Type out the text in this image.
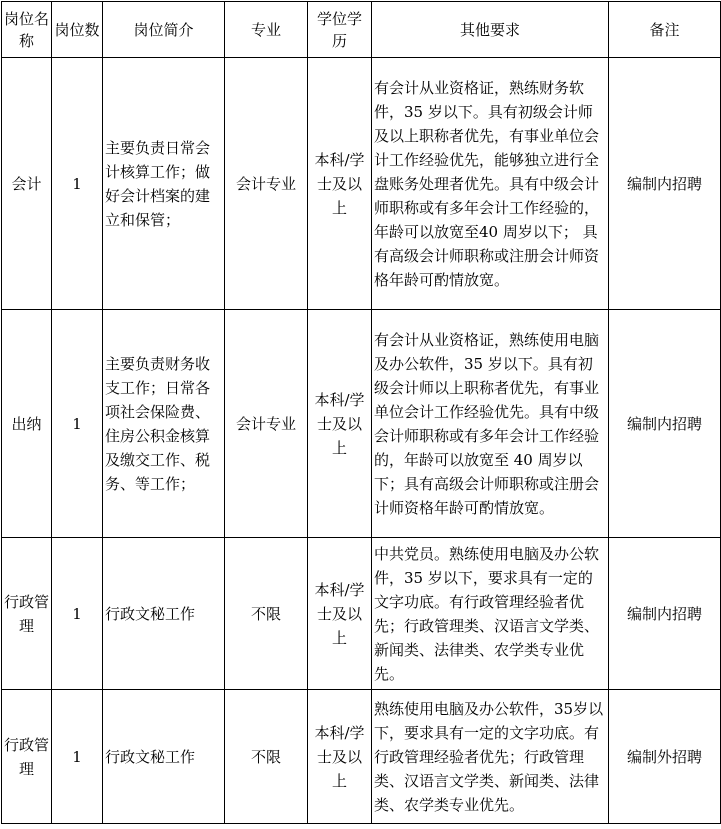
岗位名称	岗位数	岗位简介	专业	学位学历	其他要求	备注
会计	1	主要负责日常会计核算工作；做好会计档案的建立和保管；	会计专业	本科/学士及以上	有会计从业资格证，熟练财务软件，35 岁以下。具有初级会计师及以上职称者优先，有事业单位会计工作经验优先，能够独立进行全盘账务处理者优先。具有中级会计师职称或有多年会计工作经验的，年龄可以放宽至40 周岁以下； 具有高级会计师职称或注册会计师资格年龄可酌情放宽。	编制内招聘
出纳	1	主要负责财务收支工作；日常各项社会保险费、住房公积金核算及缴交工作、税务、等工作；	会计专业	本科/学士及以上	有会计从业资格证，熟练使用电脑及办公软件，35 岁以下。具有初级会计师以上职称者优先，有事业单位会计工作经验优先。具有中级会计师职称或有多年会计工作经验的，年龄可以放宽至 40 周岁以下；具有高级会计师职称或注册会计师资格年龄可酌情放宽。	编制内招聘
行政管理	1	行政文秘工作	不限	本科/学士及以上	中共党员。熟练使用电脑及办公软件，35 岁以下，要求具有一定的文字功底。有行政管理经验者优先；行政管理类、汉语言文学类、新闻类、法律类、农学类专业优先。	编制内招聘
行政管理	1	行政文秘工作	不限	本科/学士及以上	熟练使用电脑及办公软件，35岁以下，要求具有一定的文字功底。有行政管理经验者优先；行政管理类、汉语言文学类、新闻类、法律类、农学类专业优先。	编制外招聘
